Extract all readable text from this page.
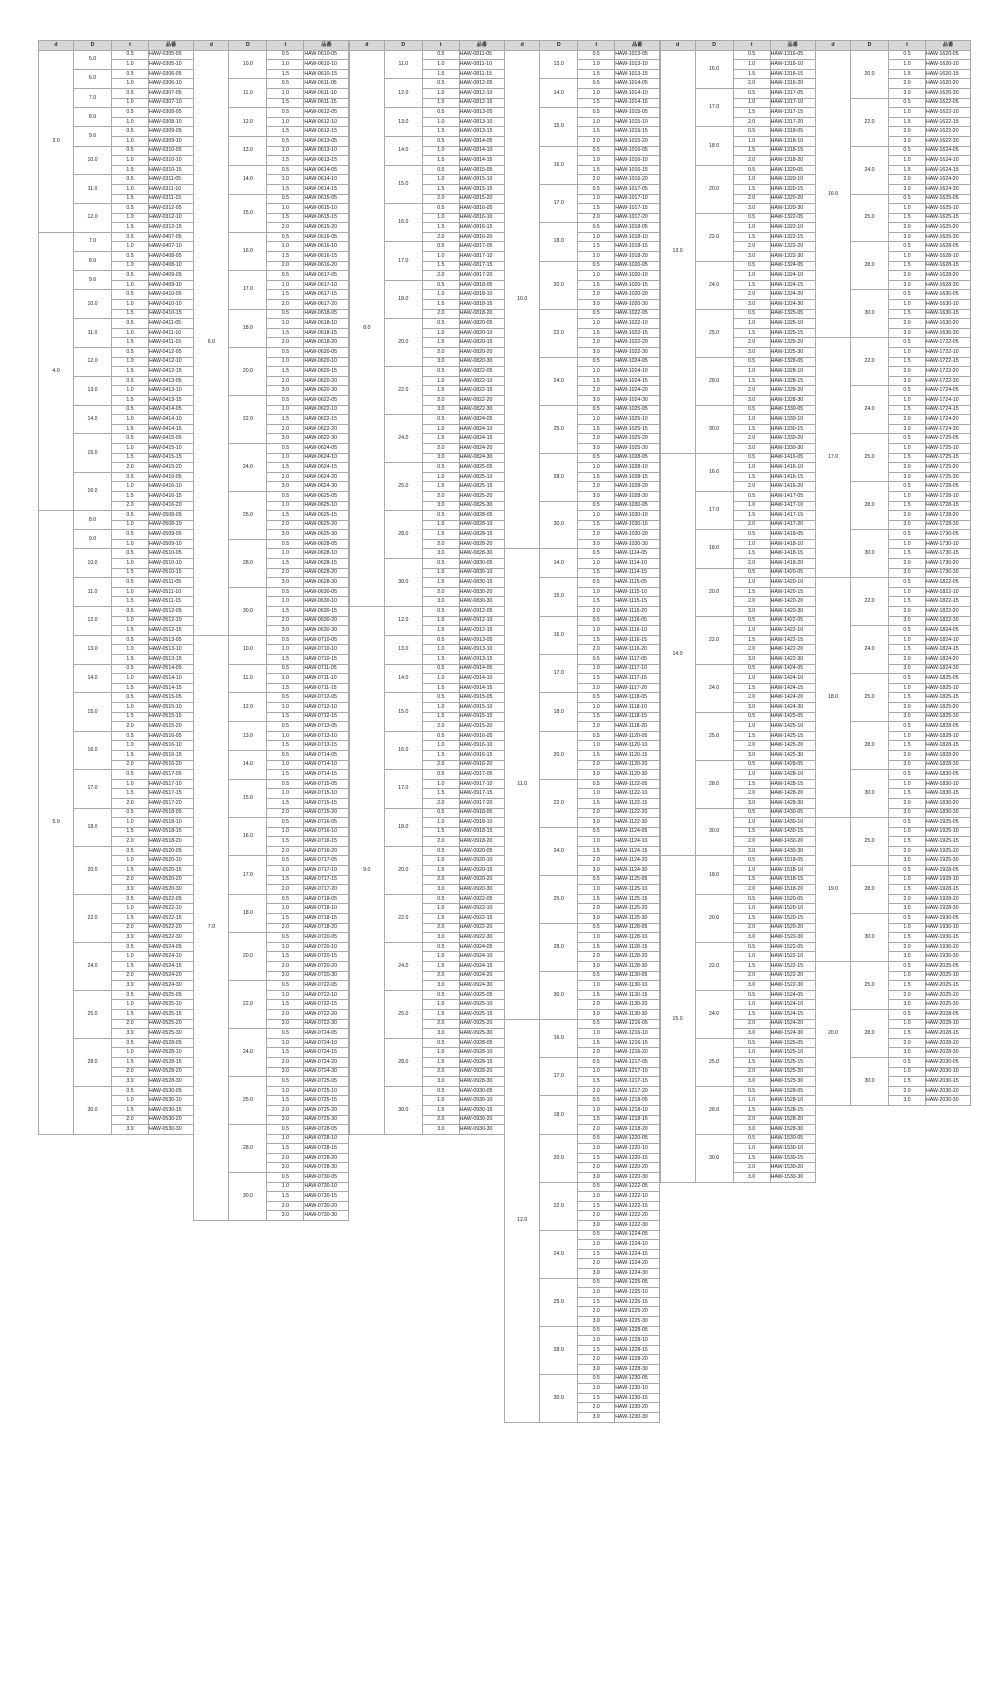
d	D	t	品番
3.0	5.0	0.5	HAW-0305-05
		1.0	HAW-0305-10
	6.0	0.5	HAW-0306-05
		1.0	HAW-0306-10
	7.0	0.5	HAW-0307-05
		1.0	HAW-0307-10
	8.0	0.5	HAW-0308-05
		1.0	HAW-0308-10
	9.0	0.5	HAW-0309-05
		1.0	HAW-0309-10
	10.0	0.5	HAW-0310-05
		1.0	HAW-0310-10
		1.5	HAW-0310-15
	11.0	0.5	HAW-0311-05
		1.0	HAW-0311-10
		1.5	HAW-0311-15
	12.0	0.5	HAW-0312-05
		1.0	HAW-0312-10
		1.5	HAW-0312-15
4.0	7.0	0.5	HAW-0407-05
		1.0	HAW-0407-10
	8.0	0.5	HAW-0408-05
		1.0	HAW-0408-10
	9.0	0.5	HAW-0409-05
		1.0	HAW-0409-10
	10.0	0.5	HAW-0410-05
		1.0	HAW-0410-10
		1.5	HAW-0410-15
	11.0	0.5	HAW-0411-05
		1.0	HAW-0411-10
		1.5	HAW-0411-15
	12.0	0.5	HAW-0412-05
		1.0	HAW-0412-10
		1.5	HAW-0412-15
	13.0	0.5	HAW-0413-05
		1.0	HAW-0413-10
		1.5	HAW-0413-15
	14.0	0.5	HAW-0414-05
		1.0	HAW-0414-10
		1.5	HAW-0414-15
	15.0	0.5	HAW-0415-05
		1.0	HAW-0415-10
		1.5	HAW-0415-15
		2.0	HAW-0415-20
	16.0	0.5	HAW-0416-05
		1.0	HAW-0416-10
		1.5	HAW-0416-15
		2.0	HAW-0416-20
5.0	8.0	0.5	HAW-0508-05
		1.0	HAW-0508-10
	9.0	0.5	HAW-0509-05
		1.0	HAW-0509-10
	10.0	0.5	HAW-0510-05
		1.0	HAW-0510-10
		1.5	HAW-0510-15
	11.0	0.5	HAW-0511-05
		1.0	HAW-0511-10
		1.5	HAW-0511-15
	12.0	0.5	HAW-0512-05
		1.0	HAW-0512-10
		1.5	HAW-0512-15
	13.0	0.5	HAW-0513-05
		1.0	HAW-0513-10
		1.5	HAW-0513-15
	14.0	0.5	HAW-0514-05
		1.0	HAW-0514-10
		1.5	HAW-0514-15
	15.0	0.5	HAW-0515-05
		1.0	HAW-0515-10
		1.5	HAW-0515-15
		2.0	HAW-0515-20
	16.0	0.5	HAW-0516-05
		1.0	HAW-0516-10
		1.5	HAW-0516-15
		2.0	HAW-0516-20
	17.0	0.5	HAW-0517-05
		1.0	HAW-0517-10
		1.5	HAW-0517-15
		2.0	HAW-0517-20
	18.0	0.5	HAW-0518-05
		1.0	HAW-0518-10
		1.5	HAW-0518-15
		2.0	HAW-0518-20
	20.0	0.5	HAW-0520-05
		1.0	HAW-0520-10
		1.5	HAW-0520-15
		2.0	HAW-0520-20
		3.0	HAW-0520-30
	22.0	0.5	HAW-0522-05
		1.0	HAW-0522-10
		1.5	HAW-0522-15
		2.0	HAW-0522-20
		3.0	HAW-0522-30
	24.0	0.5	HAW-0524-05
		1.0	HAW-0524-10
		1.5	HAW-0524-15
		2.0	HAW-0524-20
		3.0	HAW-0524-30
	25.0	0.5	HAW-0525-05
		1.0	HAW-0525-10
		1.5	HAW-0525-15
		2.0	HAW-0525-20
		3.0	HAW-0525-30
	28.0	0.5	HAW-0528-05
		1.0	HAW-0528-10
		1.5	HAW-0528-15
		2.0	HAW-0528-20
		3.0	HAW-0528-30
	30.0	0.5	HAW-0530-05
		1.0	HAW-0530-10
		1.5	HAW-0530-15
		2.0	HAW-0530-20
		3.0	HAW-0530-30
d	D	t	品番
6.0	10.0	0.5	HAW-0610-05
		1.0	HAW-0610-10
		1.5	HAW-0610-15
	11.0	0.5	HAW-0611-05
		1.0	HAW-0611-10
		1.5	HAW-0611-15
	12.0	0.5	HAW-0612-05
		1.0	HAW-0612-10
		1.5	HAW-0612-15
	13.0	0.5	HAW-0613-05
		1.0	HAW-0613-10
		1.5	HAW-0613-15
	14.0	0.5	HAW-0614-05
		1.0	HAW-0614-10
		1.5	HAW-0614-15
	15.0	0.5	HAW-0615-05
		1.0	HAW-0615-10
		1.5	HAW-0615-15
		2.0	HAW-0615-20
	16.0	0.5	HAW-0616-05
		1.0	HAW-0616-10
		1.5	HAW-0616-15
		2.0	HAW-0616-20
	17.0	0.5	HAW-0617-05
		1.0	HAW-0617-10
		1.5	HAW-0617-15
		2.0	HAW-0617-20
	18.0	0.5	HAW-0618-05
		1.0	HAW-0618-10
		1.5	HAW-0618-15
		2.0	HAW-0618-20
	20.0	0.5	HAW-0620-05
		1.0	HAW-0620-10
		1.5	HAW-0620-15
		2.0	HAW-0620-20
		3.0	HAW-0620-30
	22.0	0.5	HAW-0622-05
		1.0	HAW-0622-10
		1.5	HAW-0622-15
		2.0	HAW-0622-20
		3.0	HAW-0622-30
	24.0	0.5	HAW-0624-05
		1.0	HAW-0624-10
		1.5	HAW-0624-15
		2.0	HAW-0624-20
		3.0	HAW-0624-30
	25.0	0.5	HAW-0625-05
		1.0	HAW-0625-10
		1.5	HAW-0625-15
		2.0	HAW-0625-20
		3.0	HAW-0625-30
	28.0	0.5	HAW-0628-05
		1.0	HAW-0628-10
		1.5	HAW-0628-15
		2.0	HAW-0628-20
		3.0	HAW-0628-30
	30.0	0.5	HAW-0630-05
		1.0	HAW-0630-10
		1.5	HAW-0630-15
		2.0	HAW-0630-20
		3.0	HAW-0630-30
7.0	10.0	0.5	HAW-0710-05
		1.0	HAW-0710-10
		1.5	HAW-0710-15
	11.0	0.5	HAW-0711-05
		1.0	HAW-0711-10
		1.5	HAW-0711-15
	12.0	0.5	HAW-0712-05
		1.0	HAW-0712-10
		1.5	HAW-0712-15
	13.0	0.5	HAW-0713-05
		1.0	HAW-0713-10
		1.5	HAW-0713-15
	14.0	0.5	HAW-0714-05
		1.0	HAW-0714-10
		1.5	HAW-0714-15
	15.0	0.5	HAW-0715-05
		1.0	HAW-0715-10
		1.5	HAW-0715-15
		2.0	HAW-0715-20
	16.0	0.5	HAW-0716-05
		1.0	HAW-0716-10
		1.5	HAW-0716-15
		2.0	HAW-0716-20
	17.0	0.5	HAW-0717-05
		1.0	HAW-0717-10
		1.5	HAW-0717-15
		2.0	HAW-0717-20
	18.0	0.5	HAW-0718-05
		1.0	HAW-0718-10
		1.5	HAW-0718-15
		2.0	HAW-0718-20
	20.0	0.5	HAW-0720-05
		1.0	HAW-0720-10
		1.5	HAW-0720-15
		2.0	HAW-0720-20
		3.0	HAW-0720-30
	22.0	0.5	HAW-0722-05
		1.0	HAW-0722-10
		1.5	HAW-0722-15
		2.0	HAW-0722-20
		3.0	HAW-0722-30
	24.0	0.5	HAW-0724-05
		1.0	HAW-0724-10
		1.5	HAW-0724-15
		2.0	HAW-0724-20
		3.0	HAW-0724-30
	25.0	0.5	HAW-0725-05
		1.0	HAW-0725-10
		1.5	HAW-0725-15
		2.0	HAW-0725-20
		3.0	HAW-0725-30
	28.0	0.5	HAW-0728-05
		1.0	HAW-0728-10
		1.5	HAW-0728-15
		2.0	HAW-0728-20
		3.0	HAW-0728-30
	30.0	0.5	HAW-0730-05
		1.0	HAW-0730-10
		1.5	HAW-0730-15
		2.0	HAW-0730-20
		3.0	HAW-0730-30
d	D	t	品番
8.0	11.0	0.5	HAW-0811-05
		1.0	HAW-0811-10
		1.5	HAW-0811-15
	12.0	0.5	HAW-0812-05
		1.0	HAW-0812-10
		1.5	HAW-0812-15
	13.0	0.5	HAW-0813-05
		1.0	HAW-0813-10
		1.5	HAW-0813-15
	14.0	0.5	HAW-0814-05
		1.0	HAW-0814-10
		1.5	HAW-0814-15
	15.0	0.5	HAW-0815-05
		1.0	HAW-0815-10
		1.5	HAW-0815-15
		2.0	HAW-0815-20
	16.0	0.5	HAW-0816-05
		1.0	HAW-0816-10
		1.5	HAW-0816-15
		2.0	HAW-0816-20
	17.0	0.5	HAW-0817-05
		1.0	HAW-0817-10
		1.5	HAW-0817-15
		2.0	HAW-0817-20
	18.0	0.5	HAW-0818-05
		1.0	HAW-0818-10
		1.5	HAW-0818-15
		2.0	HAW-0818-20
	20.0	0.5	HAW-0820-05
		1.0	HAW-0820-10
		1.5	HAW-0820-15
		2.0	HAW-0820-20
		3.0	HAW-0820-30
	22.0	0.5	HAW-0822-05
		1.0	HAW-0822-10
		1.5	HAW-0822-15
		2.0	HAW-0822-20
		3.0	HAW-0822-30
	24.0	0.5	HAW-0824-05
		1.0	HAW-0824-10
		1.5	HAW-0824-15
		2.0	HAW-0824-20
		3.0	HAW-0824-30
	25.0	0.5	HAW-0825-05
		1.0	HAW-0825-10
		1.5	HAW-0825-15
		2.0	HAW-0825-20
		3.0	HAW-0825-30
	28.0	0.5	HAW-0828-05
		1.0	HAW-0828-10
		1.5	HAW-0828-15
		2.0	HAW-0828-20
		3.0	HAW-0828-30
	30.0	0.5	HAW-0830-05
		1.0	HAW-0830-10
		1.5	HAW-0830-15
		2.0	HAW-0830-20
		3.0	HAW-0830-30
9.0	12.0	0.5	HAW-0912-05
		1.0	HAW-0912-10
		1.5	HAW-0912-15
	13.0	0.5	HAW-0913-05
		1.0	HAW-0913-10
		1.5	HAW-0913-15
	14.0	0.5	HAW-0914-05
		1.0	HAW-0914-10
		1.5	HAW-0914-15
	15.0	0.5	HAW-0915-05
		1.0	HAW-0915-10
		1.5	HAW-0915-15
		2.0	HAW-0915-20
	16.0	0.5	HAW-0916-05
		1.0	HAW-0916-10
		1.5	HAW-0916-15
		2.0	HAW-0916-20
	17.0	0.5	HAW-0917-05
		1.0	HAW-0917-10
		1.5	HAW-0917-15
		2.0	HAW-0917-20
	18.0	0.5	HAW-0918-05
		1.0	HAW-0918-10
		1.5	HAW-0918-15
		2.0	HAW-0918-20
	20.0	0.5	HAW-0920-05
		1.0	HAW-0920-10
		1.5	HAW-0920-15
		2.0	HAW-0920-20
		3.0	HAW-0920-30
	22.0	0.5	HAW-0922-05
		1.0	HAW-0922-10
		1.5	HAW-0922-15
		2.0	HAW-0922-20
		3.0	HAW-0922-30
	24.0	0.5	HAW-0924-05
		1.0	HAW-0924-10
		1.5	HAW-0924-15
		2.0	HAW-0924-20
		3.0	HAW-0924-30
	25.0	0.5	HAW-0925-05
		1.0	HAW-0925-10
		1.5	HAW-0925-15
		2.0	HAW-0925-20
		3.0	HAW-0925-30
	28.0	0.5	HAW-0928-05
		1.0	HAW-0928-10
		1.5	HAW-0928-15
		2.0	HAW-0928-20
		3.0	HAW-0928-30
	30.0	0.5	HAW-0930-05
		1.0	HAW-0930-10
		1.5	HAW-0930-15
		2.0	HAW-0930-20
		3.0	HAW-0930-30
d	D	t	品番
10.0	13.0	0.5	HAW-1013-05
		1.0	HAW-1013-10
		1.5	HAW-1013-15
	14.0	0.5	HAW-1014-05
		1.0	HAW-1014-10
		1.5	HAW-1014-15
	15.0	0.5	HAW-1015-05
		1.0	HAW-1015-10
		1.5	HAW-1015-15
		2.0	HAW-1015-20
	16.0	0.5	HAW-1016-05
		1.0	HAW-1016-10
		1.5	HAW-1016-15
		2.0	HAW-1016-20
	17.0	0.5	HAW-1017-05
		1.0	HAW-1017-10
		1.5	HAW-1017-15
		2.0	HAW-1017-20
	18.0	0.5	HAW-1018-05
		1.0	HAW-1018-10
		1.5	HAW-1018-15
		2.0	HAW-1018-20
	20.0	0.5	HAW-1020-05
		1.0	HAW-1020-10
		1.5	HAW-1020-15
		2.0	HAW-1020-20
		3.0	HAW-1020-30
	22.0	0.5	HAW-1022-05
		1.0	HAW-1022-10
		1.5	HAW-1022-15
		2.0	HAW-1022-20
		3.0	HAW-1022-30
	24.0	0.5	HAW-1024-05
		1.0	HAW-1024-10
		1.5	HAW-1024-15
		2.0	HAW-1024-20
		3.0	HAW-1024-30
	25.0	0.5	HAW-1025-05
		1.0	HAW-1025-10
		1.5	HAW-1025-15
		2.0	HAW-1025-20
		3.0	HAW-1025-30
	28.0	0.5	HAW-1028-05
		1.0	HAW-1028-10
		1.5	HAW-1028-15
		2.0	HAW-1028-20
		3.0	HAW-1028-30
	30.0	0.5	HAW-1030-05
		1.0	HAW-1030-10
		1.5	HAW-1030-15
		2.0	HAW-1030-20
		3.0	HAW-1030-30
11.0	14.0	0.5	HAW-1114-05
		1.0	HAW-1114-10
		1.5	HAW-1114-15
	15.0	0.5	HAW-1115-05
		1.0	HAW-1115-10
		1.5	HAW-1115-15
		2.0	HAW-1115-20
	16.0	0.5	HAW-1116-05
		1.0	HAW-1116-10
		1.5	HAW-1116-15
		2.0	HAW-1116-20
	17.0	0.5	HAW-1117-05
		1.0	HAW-1117-10
		1.5	HAW-1117-15
		2.0	HAW-1117-20
	18.0	0.5	HAW-1118-05
		1.0	HAW-1118-10
		1.5	HAW-1118-15
		2.0	HAW-1118-20
	20.0	0.5	HAW-1120-05
		1.0	HAW-1120-10
		1.5	HAW-1120-15
		2.0	HAW-1120-20
		3.0	HAW-1120-30
	22.0	0.5	HAW-1122-05
		1.0	HAW-1122-10
		1.5	HAW-1122-15
		2.0	HAW-1122-20
		3.0	HAW-1122-30
	24.0	0.5	HAW-1124-05
		1.0	HAW-1124-10
		1.5	HAW-1124-15
		2.0	HAW-1124-20
		3.0	HAW-1124-30
	25.0	0.5	HAW-1125-05
		1.0	HAW-1125-10
		1.5	HAW-1125-15
		2.0	HAW-1125-20
		3.0	HAW-1125-30
	28.0	0.5	HAW-1128-05
		1.0	HAW-1128-10
		1.5	HAW-1128-15
		2.0	HAW-1128-20
		3.0	HAW-1128-30
	30.0	0.5	HAW-1130-05
		1.0	HAW-1130-10
		1.5	HAW-1130-15
		2.0	HAW-1130-20
		3.0	HAW-1130-30
12.0	16.0	0.5	HAW-1216-05
		1.0	HAW-1216-10
		1.5	HAW-1216-15
		2.0	HAW-1216-20
	17.0	0.5	HAW-1217-05
		1.0	HAW-1217-10
		1.5	HAW-1217-15
		2.0	HAW-1217-20
	18.0	0.5	HAW-1218-05
		1.0	HAW-1218-10
		1.5	HAW-1218-15
		2.0	HAW-1218-20
	20.0	0.5	HAW-1220-05
		1.0	HAW-1220-10
		1.5	HAW-1220-15
		2.0	HAW-1220-20
		3.0	HAW-1220-30
	22.0	0.5	HAW-1222-05
		1.0	HAW-1222-10
		1.5	HAW-1222-15
		2.0	HAW-1222-20
		3.0	HAW-1222-30
	24.0	0.5	HAW-1224-05
		1.0	HAW-1224-10
		1.5	HAW-1224-15
		2.0	HAW-1224-20
		3.0	HAW-1224-30
	25.0	0.5	HAW-1225-05
		1.0	HAW-1225-10
		1.5	HAW-1225-15
		2.0	HAW-1225-20
		3.0	HAW-1225-30
	28.0	0.5	HAW-1228-05
		1.0	HAW-1228-10
		1.5	HAW-1228-15
		2.0	HAW-1228-20
		3.0	HAW-1228-30
	30.0	0.5	HAW-1230-05
		1.0	HAW-1230-10
		1.5	HAW-1230-15
		2.0	HAW-1230-20
		3.0	HAW-1230-30
d	D	t	品番
13.0	16.0	0.5	HAW-1316-05
		1.0	HAW-1316-10
		1.5	HAW-1316-15
		2.0	HAW-1316-20
	17.0	0.5	HAW-1317-05
		1.0	HAW-1317-10
		1.5	HAW-1317-15
		2.0	HAW-1317-20
	18.0	0.5	HAW-1318-05
		1.0	HAW-1318-10
		1.5	HAW-1318-15
		2.0	HAW-1318-20
	20.0	0.5	HAW-1320-05
		1.0	HAW-1320-10
		1.5	HAW-1320-15
		2.0	HAW-1320-20
		3.0	HAW-1320-30
	22.0	0.5	HAW-1322-05
		1.0	HAW-1322-10
		1.5	HAW-1322-15
		2.0	HAW-1322-20
		3.0	HAW-1322-30
	24.0	0.5	HAW-1324-05
		1.0	HAW-1324-10
		1.5	HAW-1324-15
		2.0	HAW-1324-20
		3.0	HAW-1324-30
	25.0	0.5	HAW-1325-05
		1.0	HAW-1325-10
		1.5	HAW-1325-15
		2.0	HAW-1325-20
		3.0	HAW-1325-30
	28.0	0.5	HAW-1328-05
		1.0	HAW-1328-10
		1.5	HAW-1328-15
		2.0	HAW-1328-20
		3.0	HAW-1328-30
	30.0	0.5	HAW-1330-05
		1.0	HAW-1330-10
		1.5	HAW-1330-15
		2.0	HAW-1330-20
		3.0	HAW-1330-30
14.0	16.0	0.5	HAW-1416-05
		1.0	HAW-1416-10
		1.5	HAW-1416-15
		2.0	HAW-1416-20
	17.0	0.5	HAW-1417-05
		1.0	HAW-1417-10
		1.5	HAW-1417-15
		2.0	HAW-1417-20
	18.0	0.5	HAW-1418-05
		1.0	HAW-1418-10
		1.5	HAW-1418-15
		2.0	HAW-1418-20
	20.0	0.5	HAW-1420-05
		1.0	HAW-1420-10
		1.5	HAW-1420-15
		2.0	HAW-1420-20
		3.0	HAW-1420-30
	22.0	0.5	HAW-1422-05
		1.0	HAW-1422-10
		1.5	HAW-1422-15
		2.0	HAW-1422-20
		3.0	HAW-1422-30
	24.0	0.5	HAW-1424-05
		1.0	HAW-1424-10
		1.5	HAW-1424-15
		2.0	HAW-1424-20
		3.0	HAW-1424-30
	25.0	0.5	HAW-1425-05
		1.0	HAW-1425-10
		1.5	HAW-1425-15
		2.0	HAW-1425-20
		3.0	HAW-1425-30
	28.0	0.5	HAW-1428-05
		1.0	HAW-1428-10
		1.5	HAW-1428-15
		2.0	HAW-1428-20
		3.0	HAW-1428-30
	30.0	0.5	HAW-1430-05
		1.0	HAW-1430-10
		1.5	HAW-1430-15
		2.0	HAW-1430-20
		3.0	HAW-1430-30
15.0	18.0	0.5	HAW-1518-05
		1.0	HAW-1518-10
		1.5	HAW-1518-15
		2.0	HAW-1518-20
	20.0	0.5	HAW-1520-05
		1.0	HAW-1520-10
		1.5	HAW-1520-15
		2.0	HAW-1520-20
		3.0	HAW-1520-30
	22.0	0.5	HAW-1522-05
		1.0	HAW-1522-10
		1.5	HAW-1522-15
		2.0	HAW-1522-20
		3.0	HAW-1522-30
	24.0	0.5	HAW-1524-05
		1.0	HAW-1524-10
		1.5	HAW-1524-15
		2.0	HAW-1524-20
		3.0	HAW-1524-30
	25.0	0.5	HAW-1525-05
		1.0	HAW-1525-10
		1.5	HAW-1525-15
		2.0	HAW-1525-20
		3.0	HAW-1525-30
	28.0	0.5	HAW-1528-05
		1.0	HAW-1528-10
		1.5	HAW-1528-15
		2.0	HAW-1528-20
		3.0	HAW-1528-30
	30.0	0.5	HAW-1530-05
		1.0	HAW-1530-10
		1.5	HAW-1530-15
		2.0	HAW-1530-20
		3.0	HAW-1530-30
d	D	t	品番
16.0	20.0	0.5	HAW-1620-05
		1.0	HAW-1620-10
		1.5	HAW-1620-15
		2.0	HAW-1620-20
		3.0	HAW-1620-30
	22.0	0.5	HAW-1622-05
		1.0	HAW-1622-10
		1.5	HAW-1622-15
		2.0	HAW-1622-20
		3.0	HAW-1622-30
	24.0	0.5	HAW-1624-05
		1.0	HAW-1624-10
		1.5	HAW-1624-15
		2.0	HAW-1624-20
		3.0	HAW-1624-30
	25.0	0.5	HAW-1625-05
		1.0	HAW-1625-10
		1.5	HAW-1625-15
		2.0	HAW-1625-20
		3.0	HAW-1625-30
	28.0	0.5	HAW-1628-05
		1.0	HAW-1628-10
		1.5	HAW-1628-15
		2.0	HAW-1628-20
		3.0	HAW-1628-30
	30.0	0.5	HAW-1630-05
		1.0	HAW-1630-10
		1.5	HAW-1630-15
		2.0	HAW-1630-20
		3.0	HAW-1630-30
17.0	22.0	0.5	HAW-1722-05
		1.0	HAW-1722-10
		1.5	HAW-1722-15
		2.0	HAW-1722-20
		3.0	HAW-1722-30
	24.0	0.5	HAW-1724-05
		1.0	HAW-1724-10
		1.5	HAW-1724-15
		2.0	HAW-1724-20
		3.0	HAW-1724-30
	25.0	0.5	HAW-1725-05
		1.0	HAW-1725-10
		1.5	HAW-1725-15
		2.0	HAW-1725-20
		3.0	HAW-1725-30
	28.0	0.5	HAW-1728-05
		1.0	HAW-1728-10
		1.5	HAW-1728-15
		2.0	HAW-1728-20
		3.0	HAW-1728-30
	30.0	0.5	HAW-1730-05
		1.0	HAW-1730-10
		1.5	HAW-1730-15
		2.0	HAW-1730-20
		3.0	HAW-1730-30
18.0	22.0	0.5	HAW-1822-05
		1.0	HAW-1822-10
		1.5	HAW-1822-15
		2.0	HAW-1822-20
		3.0	HAW-1822-30
	24.0	0.5	HAW-1824-05
		1.0	HAW-1824-10
		1.5	HAW-1824-15
		2.0	HAW-1824-20
		3.0	HAW-1824-30
	25.0	0.5	HAW-1825-05
		1.0	HAW-1825-10
		1.5	HAW-1825-15
		2.0	HAW-1825-20
		3.0	HAW-1825-30
	28.0	0.5	HAW-1828-05
		1.0	HAW-1828-10
		1.5	HAW-1828-15
		2.0	HAW-1828-20
		3.0	HAW-1828-30
	30.0	0.5	HAW-1830-05
		1.0	HAW-1830-10
		1.5	HAW-1830-15
		2.0	HAW-1830-20
		3.0	HAW-1830-30
19.0	25.0	0.5	HAW-1925-05
		1.0	HAW-1925-10
		1.5	HAW-1925-15
		2.0	HAW-1925-20
		3.0	HAW-1925-30
	28.0	0.5	HAW-1928-05
		1.0	HAW-1928-10
		1.5	HAW-1928-15
		2.0	HAW-1928-20
		3.0	HAW-1928-30
	30.0	0.5	HAW-1930-05
		1.0	HAW-1930-10
		1.5	HAW-1930-15
		2.0	HAW-1930-20
		3.0	HAW-1930-30
20.0	25.0	0.5	HAW-2025-05
		1.0	HAW-2025-10
		1.5	HAW-2025-15
		2.0	HAW-2025-20
		3.0	HAW-2025-30
	28.0	0.5	HAW-2028-05
		1.0	HAW-2028-10
		1.5	HAW-2028-15
		2.0	HAW-2028-20
		3.0	HAW-2028-30
	30.0	0.5	HAW-2030-05
		1.0	HAW-2030-10
		1.5	HAW-2030-15
		2.0	HAW-2030-20
		3.0	HAW-2030-30
